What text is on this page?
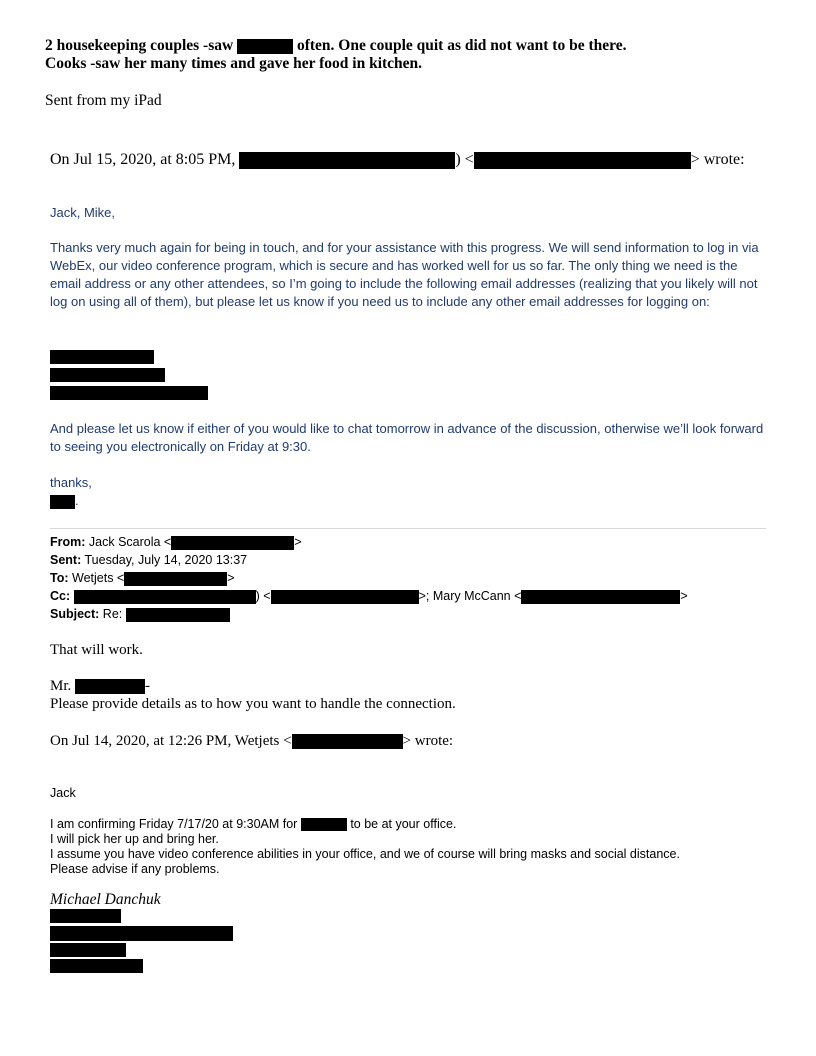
2 housekeeping couples -saw	often. One couple quit as did not want to be there.
Cooks -saw her many times and gave her food in kitchen.
Sent from my iPad
On Jul 15, 2020, at 8:05 PM,	) <	> wrote:
Jack, Mike,
Thanks very much again for being in touch, and for your assistance with this progress. We will send information to log in via WebEx, our video conference program, which is secure and has worked well for us so far. The only thing we need is the email address or any other attendees, so I’m going to include the following email addresses (realizing that you likely will not log on using all of them), but please let us know if you need us to include any other email addresses for logging on:
And please let us know if either of you would like to chat tomorrow in advance of the discussion, otherwise we’ll look forward to seeing you electronically on Friday at 9:30.
thanks,
.
From: Jack Scarola <	>
Sent: Tuesday, July 14, 2020 13:37
To: Wetjets <	>
Cc:	) <	>; Mary McCann <	>
Subject: Re:
That will work.
Mr.	-
Please provide details as to how you want to handle the connection.
On Jul 14, 2020, at 12:26 PM, Wetjets <	> wrote:
Jack
I am confirming Friday 7/17/20 at 9:30AM for	to be at your office.
I will pick her up and bring her.
I assume you have video conference abilities in your office, and we of course will bring masks and social distance.
Please advise if any problems.
Michael Danchuk
